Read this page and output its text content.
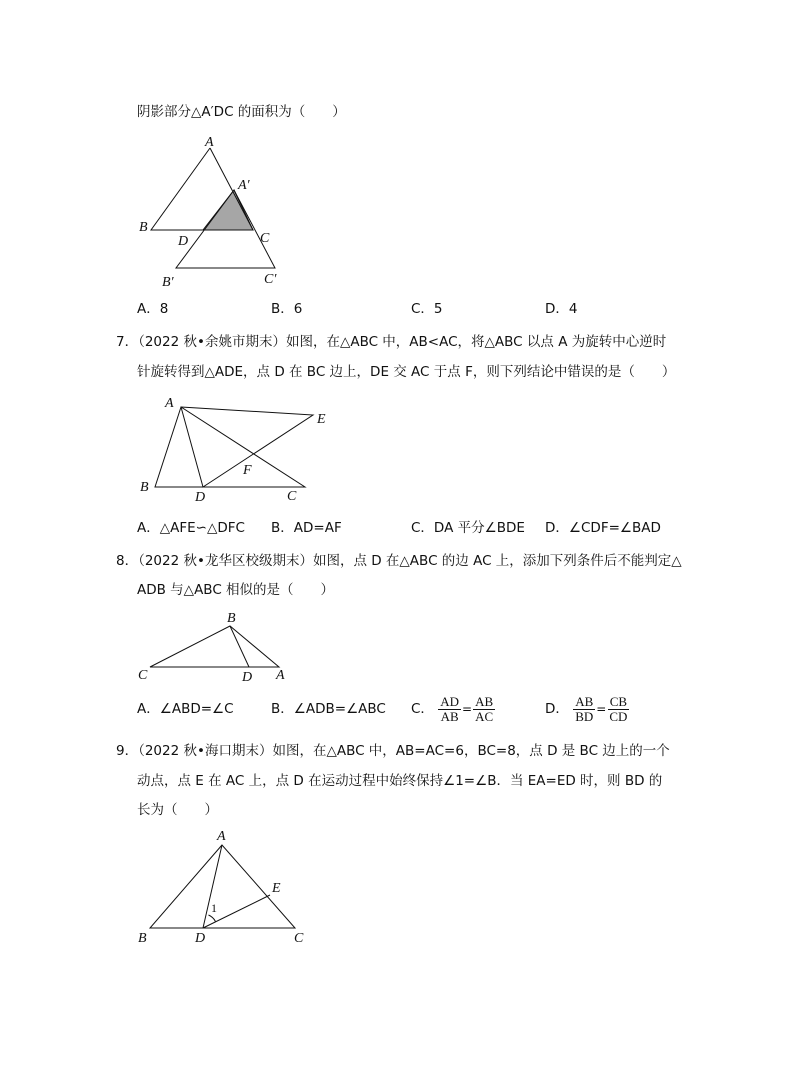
阴影部分△A′DC 的面积为（　　）
A
A′
B
D	C
B′	C′
A．8	B．6	C．5	D．4
7．（2022 秋•余姚市期末）如图，在△ABC 中，AB<AC，将△ABC 以点 A 为旋转中心逆时
针旋转得到△ADE，点 D 在 BC 边上，DE 交 AC 于点 F，则下列结论中错误的是（　　）
A
E
F
B
D	C
A．△AFE∽△DFC B．AD=AF	C．DA 平分∠BDE D．∠CDF=∠BAD
8．（2022 秋•龙华区校级期末）如图，点 D 在△ABC 的边 AC 上，添加下列条件后不能判定△
ADB 与△ABC 相似的是（　　）
B
C	D A
A．∠ABD=∠C	B．∠ADB=∠ABC C． $\frac{AD}{AB} = \frac{AB}{AC}$	D． $\frac{AB}{BD} = \frac{CB}{CD}$
9．（2022 秋•海口期末）如图，在△ABC 中，AB=AC=6，BC=8，点 D 是 BC 边上的一个
动点，点 E 在 AC 上，点 D 在运动过程中始终保持∠1=∠B．当 EA=ED 时，则 BD 的
长为（　　）
A
E
1
B	D	C
